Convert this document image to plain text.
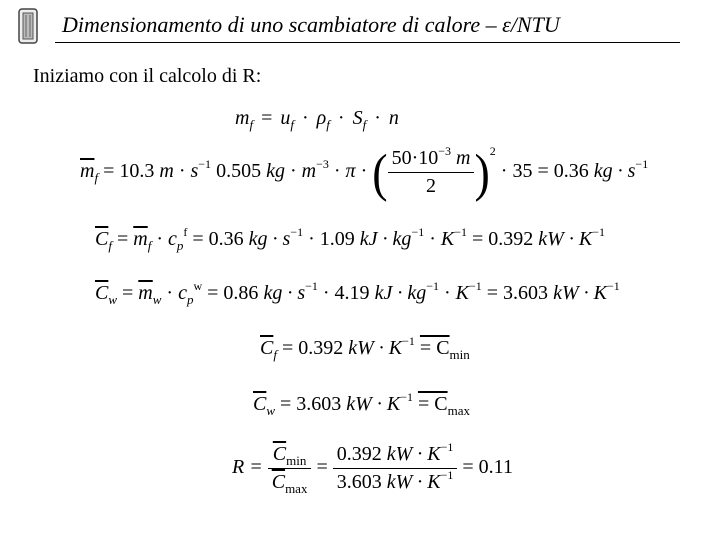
Dimensionamento di uno scambiatore di calore – ε/NTU
Iniziamo con il calcolo di R:
$m_f = u_f \cdot \rho_f \cdot S_f \cdot n$
$\overline{m}_f = 10.3$ $m \cdot s^{-1}$ 0.505 kg · $m^{-3} \cdot \pi$ · ( $\frac{50\cdot 10^{-3} m}{2} )^2 \cdot 35 = 0.36$ kg · $s^{-1}$
$\overline{C}_f = \overline{m}_f \cdot c_p^f = 0.36$ kg · $s^{-1} \cdot 1.09$ kJ · $kg^{-1} \cdot K^{-1} = 0.392$ kW · $K^{-1}$
$\overline{C}_w = \overline{m}_w \cdot c_p^w = 0.86$ kg · $s^{-1} \cdot 4.19$ kJ · $kg^{-1} \cdot K^{-1} = 3.603$ kW · $K^{-1}$
$\overline{C}_f = 0.392$ kW · $K^{-1} = C_{min}$
$\overline{C}_w = 3.603$ kW · $K^{-1} = C_{max}$
$R = \frac{\overline{C}_{min}}{\overline{C}_{max}} = \frac{0.392 kW \cdot K^{-1}}{3.603 kW \cdot K^{-1}} = 0.11$
